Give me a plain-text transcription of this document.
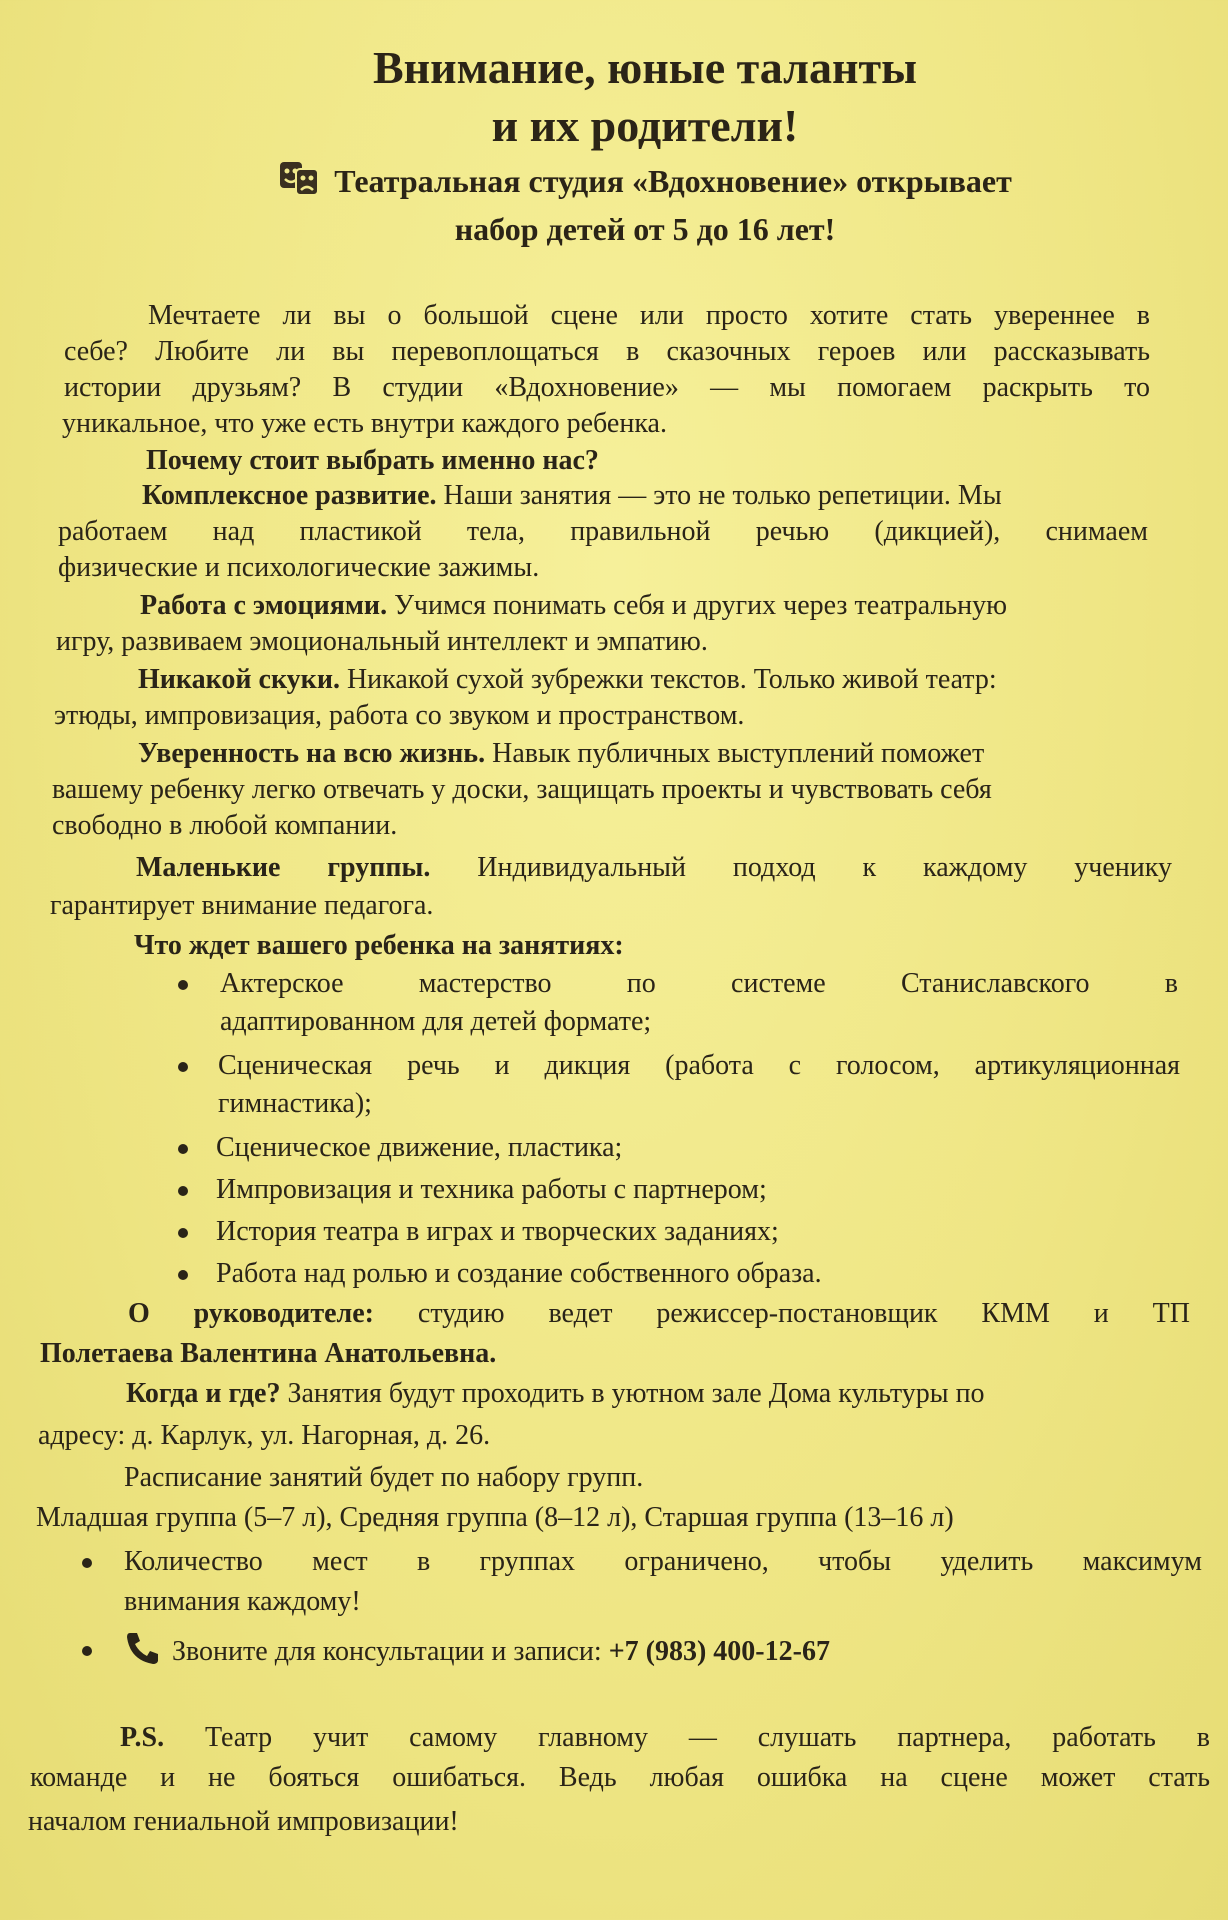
Внимание, юные таланты
и их родители!
Театральная студия «Вдохновение» открывает
набор детей от 5 до 16 лет!
Мечтаете ли вы о большой сцене или просто хотите стать увереннее в
себе? Любите ли вы перевоплощаться в сказочных героев или рассказывать
истории друзьям? В студии «Вдохновение» — мы помогаем раскрыть то
уникальное, что уже есть внутри каждого ребенка.
Почему стоит выбрать именно нас?
Комплексное развитие. Наши занятия — это не только репетиции. Мы
работаем над пластикой тела, правильной речью (дикцией), снимаем
физические и психологические зажимы.
Работа с эмоциями. Учимся понимать себя и других через театральную
игру, развиваем эмоциональный интеллект и эмпатию.
Никакой скуки. Никакой сухой зубрежки текстов. Только живой театр:
этюды, импровизация, работа со звуком и пространством.
Уверенность на всю жизнь. Навык публичных выступлений поможет
вашему ребенку легко отвечать у доски, защищать проекты и чувствовать себя
свободно в любой компании.
Маленькие группы. Индивидуальный подход к каждому ученику
гарантирует внимание педагога.
Что ждет вашего ребенка на занятиях:
Актерское мастерство по системе Станиславского в
адаптированном для детей формате;
Сценическая речь и дикция (работа с голосом, артикуляционная
гимнастика);
Сценическое движение, пластика;
Импровизация и техника работы с партнером;
История театра в играх и творческих заданиях;
Работа над ролью и создание собственного образа.
О руководителе: студию ведет режиссер-постановщик КММ и ТП
Полетаева Валентина Анатольевна.
Когда и где? Занятия будут проходить в уютном зале Дома культуры по
адресу: д. Карлук, ул. Нагорная, д. 26.
Расписание занятий будет по набору групп.
Младшая группа (5–7 л), Средняя группа (8–12 л), Старшая группа (13–16 л)
Количество мест в группах ограничено, чтобы уделить максимум
внимания каждому!
Звоните для консультации и записи: +7 (983) 400-12-67
P.S. Театр учит самому главному — слушать партнера, работать в
команде и не бояться ошибаться. Ведь любая ошибка на сцене может стать
началом гениальной импровизации!
